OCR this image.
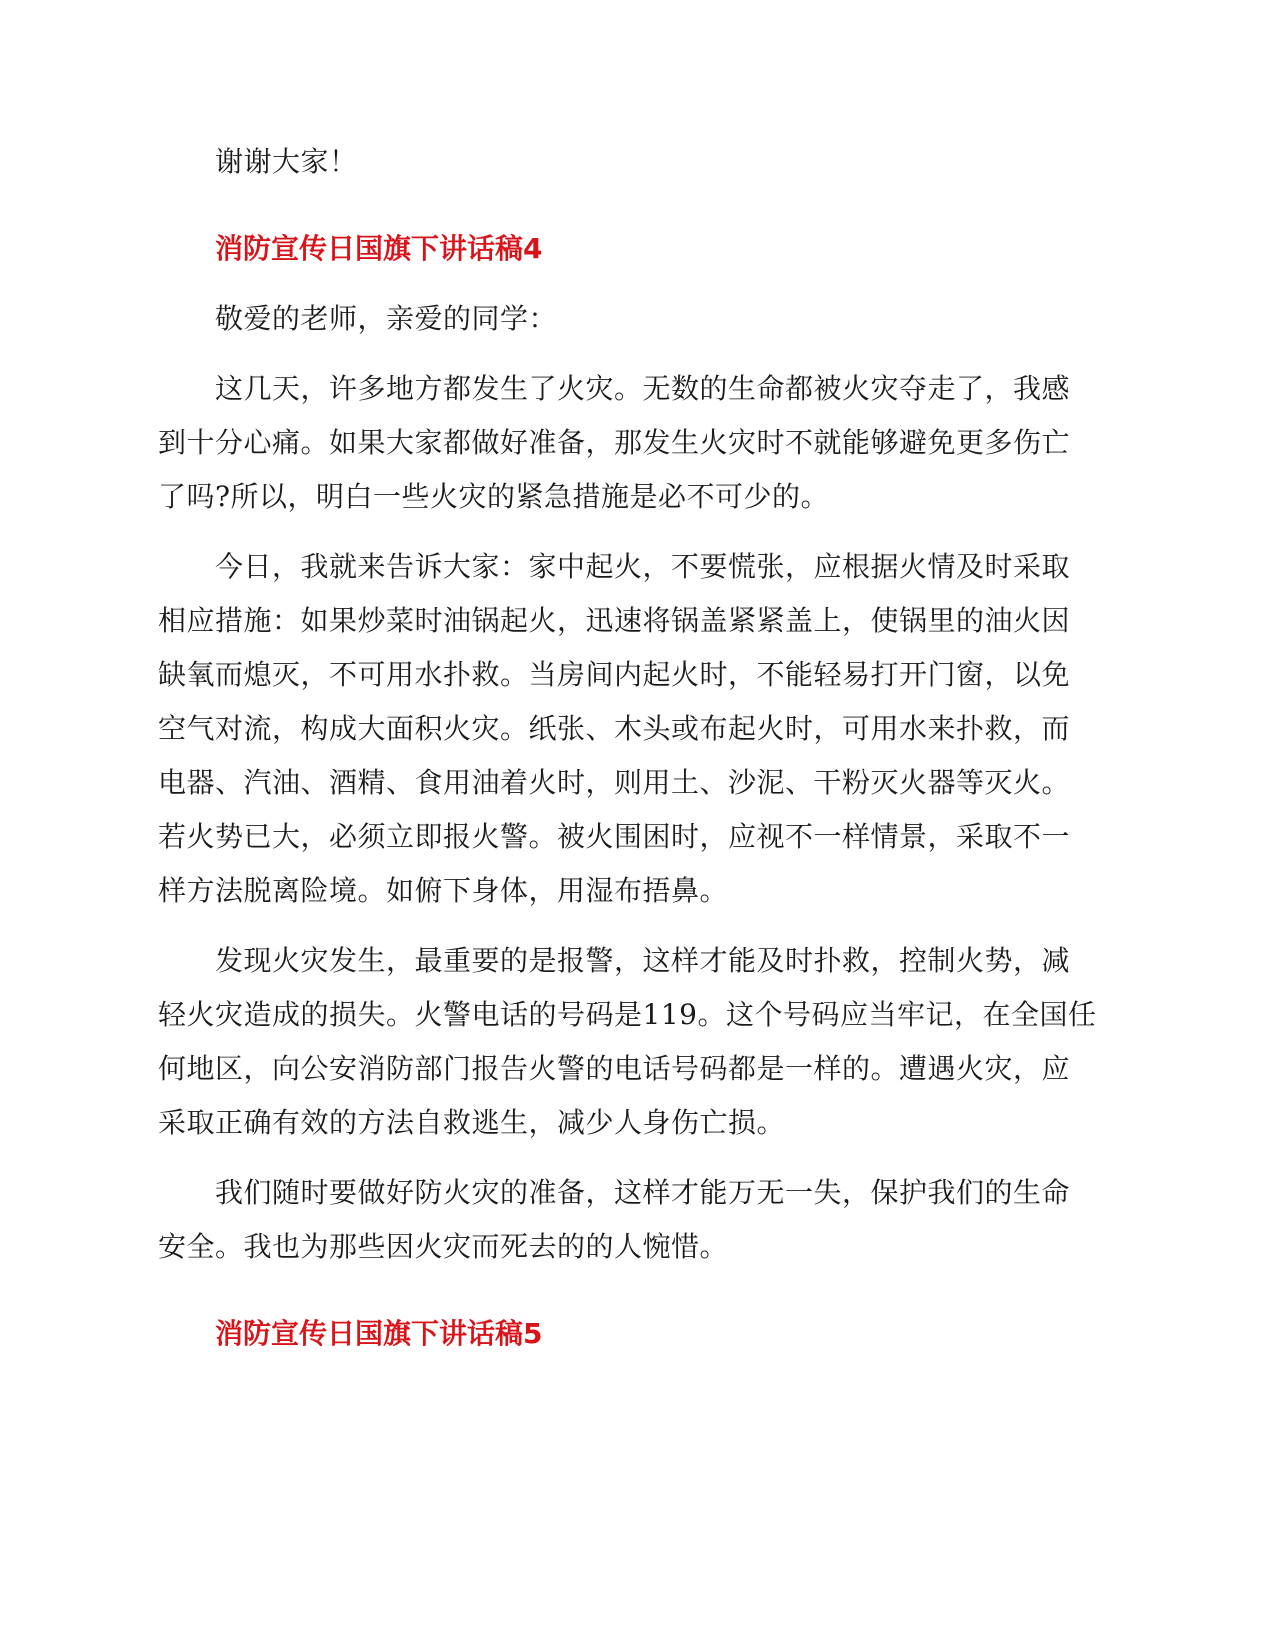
谢谢大家！
消防宣传日国旗下讲话稿4
敬爱的老师，亲爱的同学：
这几天，许多地方都发生了火灾。无数的生命都被火灾夺走了，我感
到十分心痛。如果大家都做好准备，那发生火灾时不就能够避免更多伤亡
了吗?所以，明白一些火灾的紧急措施是必不可少的。
今日，我就来告诉大家：家中起火，不要慌张，应根据火情及时采取
相应措施：如果炒菜时油锅起火，迅速将锅盖紧紧盖上，使锅里的油火因
缺氧而熄灭，不可用水扑救。当房间内起火时，不能轻易打开门窗，以免
空气对流，构成大面积火灾。纸张、木头或布起火时，可用水来扑救，而
电器、汽油、酒精、食用油着火时，则用土、沙泥、干粉灭火器等灭火。
若火势已大，必须立即报火警。被火围困时，应视不一样情景，采取不一
样方法脱离险境。如俯下身体，用湿布捂鼻。
发现火灾发生，最重要的是报警，这样才能及时扑救，控制火势，减
轻火灾造成的损失。火警电话的号码是119。这个号码应当牢记，在全国任
何地区，向公安消防部门报告火警的电话号码都是一样的。遭遇火灾，应
采取正确有效的方法自救逃生，减少人身伤亡损。
我们随时要做好防火灾的准备，这样才能万无一失，保护我们的生命
安全。我也为那些因火灾而死去的的人惋惜。
消防宣传日国旗下讲话稿5
